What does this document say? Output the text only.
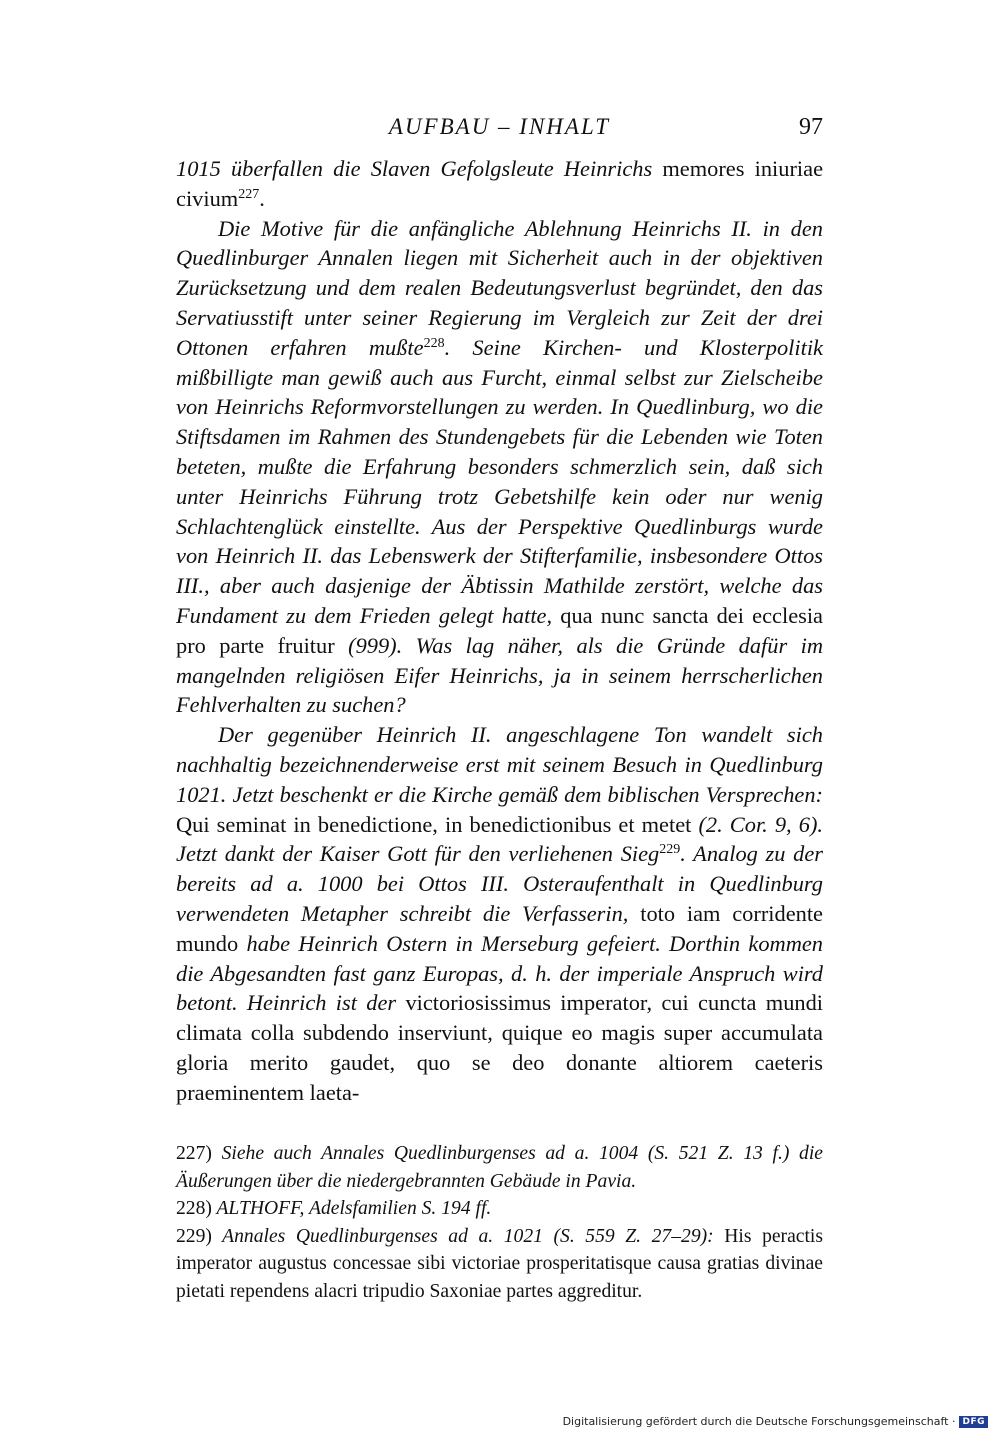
AUFBAU – INHALT	97

1015 überfallen die Slaven Gefolgsleute Heinrichs memores iniuriae civium$^{227}$.

Die Motive für die anfängliche Ablehnung Heinrichs II. in den Quedlinburger Annalen liegen mit Sicherheit auch in der objektiven Zurücksetzung und dem realen Bedeutungsverlust begründet, den das Servatiusstift unter seiner Regierung im Vergleich zur Zeit der drei Ottonen erfahren mußte$^{228}$. Seine Kirchen- und Klosterpolitik mißbilligte man gewiß auch aus Furcht, einmal selbst zur Zielscheibe von Heinrichs Reformvorstellungen zu werden. In Quedlinburg, wo die Stiftsdamen im Rahmen des Stundengebets für die Lebenden wie Toten beteten, mußte die Erfahrung besonders schmerzlich sein, daß sich unter Heinrichs Führung trotz Gebetshilfe kein oder nur wenig Schlachtenglück einstellte. Aus der Perspektive Quedlinburgs wurde von Heinrich II. das Lebenswerk der Stifterfamilie, insbesondere Ottos III., aber auch dasjenige der Äbtissin Mathilde zerstört, welche das Fundament zu dem Frieden gelegt hatte, qua nunc sancta dei ecclesia pro parte fruitur (999). Was lag näher, als die Gründe dafür im mangelnden religiösen Eifer Heinrichs, ja in seinem herrscherlichen Fehlverhalten zu suchen?

Der gegenüber Heinrich II. angeschlagene Ton wandelt sich nachhaltig bezeichnenderweise erst mit seinem Besuch in Quedlinburg 1021. Jetzt beschenkt er die Kirche gemäß dem biblischen Versprechen: Qui seminat in benedictione, in benedictionibus et metet (2. Cor. 9, 6). Jetzt dankt der Kaiser Gott für den verliehenen Sieg$^{229}$. Analog zu der bereits ad a. 1000 bei Ottos III. Osteraufenthalt in Quedlinburg verwendeten Metapher schreibt die Verfasserin, toto iam corridente mundo habe Heinrich Ostern in Merseburg gefeiert. Dorthin kommen die Abgesandten fast ganz Europas, d. h. der imperiale Anspruch wird betont. Heinrich ist der victoriosissimus imperator, cui cuncta mundi climata colla subdendo inserviunt, quique eo magis super accumulata gloria merito gaudet, quo se deo donante altiorem caeteris praeminentem laeta-

227) Siehe auch Annales Quedlinburgenses ad a. 1004 (S. 521 Z. 13 f.) die Äußerungen über die niedergebrannten Gebäude in Pavia.

228) ALTHOFF, Adelsfamilien S. 194 ff.

229) Annales Quedlinburgenses ad a. 1021 (S. 559 Z. 27–29): His peractis imperator augustus concessae sibi victoriae prosperitatisque causa gratias divinae pietati rependens alacri tripudio Saxoniae partes aggreditur.

Digitalisierung gefördert durch die Deutsche Forschungsgemeinschaft · DFG
